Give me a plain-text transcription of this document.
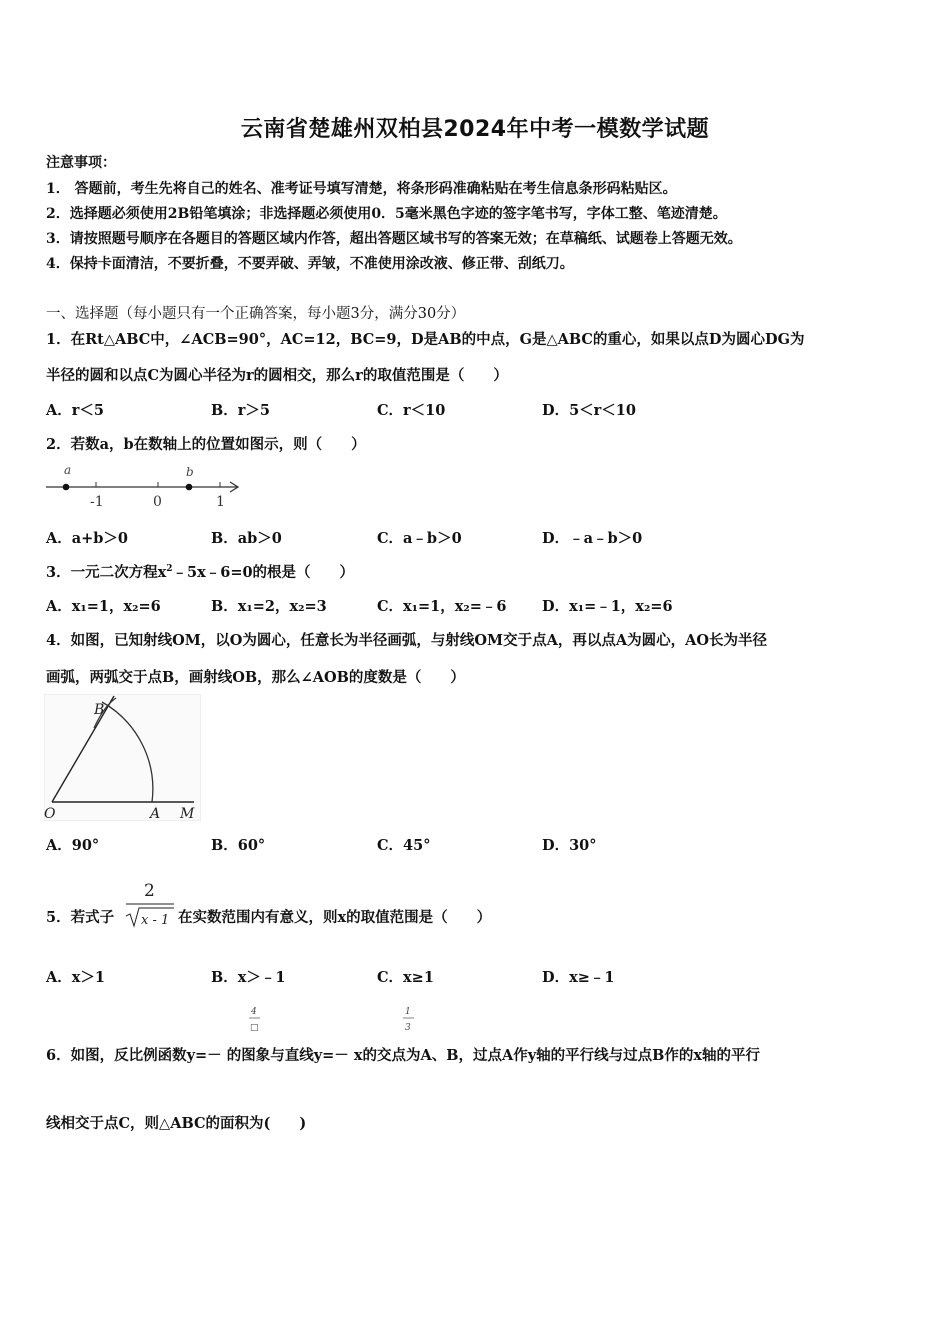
云南省楚雄州双柏县2024年中考一模数学试题
注意事项：
1． 答题前，考生先将自己的姓名、准考证号填写清楚，将条形码准确粘贴在考生信息条形码粘贴区。
2．选择题必须使用2B铅笔填涂；非选择题必须使用0．5毫米黑色字迹的签字笔书写，字体工整、笔迹清楚。
3．请按照题号顺序在各题目的答题区域内作答，超出答题区域书写的答案无效；在草稿纸、试题卷上答题无效。
4．保持卡面清洁，不要折叠，不要弄破、弄皱，不准使用涂改液、修正带、刮纸刀。
一、选择题（每小题只有一个正确答案，每小题3分，满分30分）
1．在Rt△ABC中，∠ACB=90°，AC=12，BC=9，D是AB的中点，G是△ABC的重心，如果以点D为圆心DG为
半径的圆和以点C为圆心半径为r的圆相交，那么r的取值范围是（　　）
A．r＜5	B．r＞5	C．r＜10	D．5＜r＜10
2．若数a，b在数轴上的位置如图示，则（　　）
a	b
-1	0	1
A．a+b＞0	B．ab＞0	C．a﹣b＞0	D．﹣a﹣b＞0
3．一元二次方程$x^2﹣5x﹣6=0$的根是（　　）
A．x₁=1，x₂=6	B．x₁=2，x₂=3	C．x₁=1，x₂=﹣6 D．x₁=﹣1，x₂=6
4．如图，已知射线OM，以O为圆心，任意长为半径画弧，与射线OM交于点A，再以点A为圆心，AO长为半径
画弧，两弧交于点B，画射线OB，那么∠AOB的度数是（　　）
B
O	A M
A．90°	B．60°	C．45°	D．30°
5．若式子
2
x - 1 在实数范围内有意义，则x的取值范围是（　　）
A．x＞1	B．x＞﹣1	C．x≥1	D．x≥﹣1
4
□
1
3
6．如图，反比例函数y=－ 的图象与直线y=－ x的交点为A、B，过点A作y轴的平行线与过点B作的x轴的平行
线相交于点C，则△ABC的面积为(　　)
